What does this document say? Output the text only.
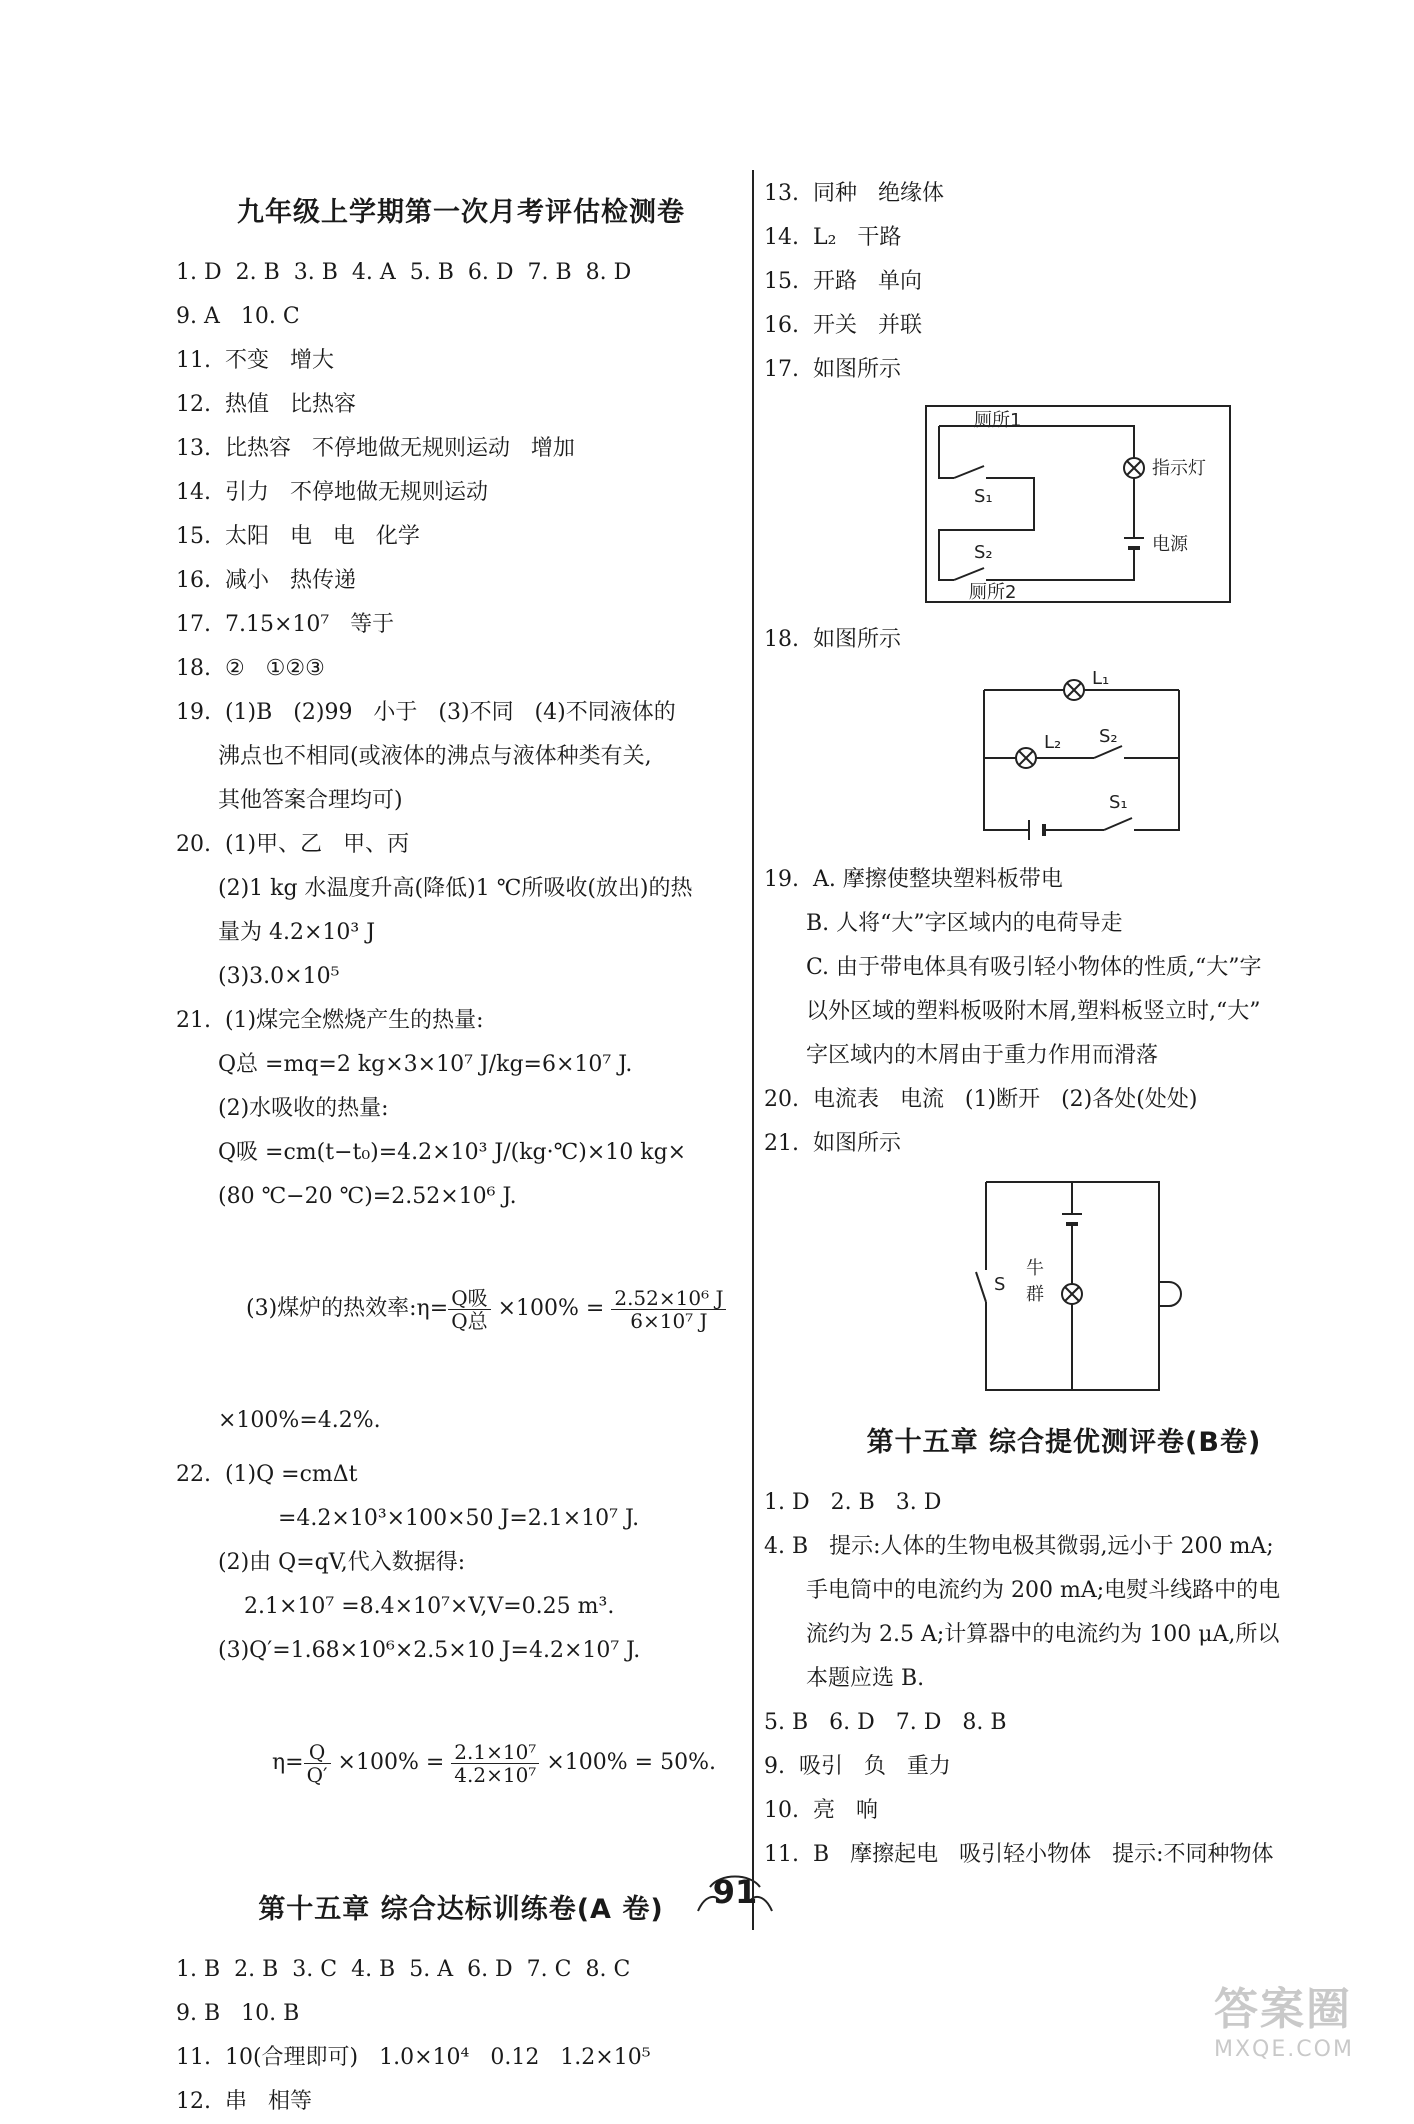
九年级上学期第一次月考评估检测卷
1. D  2. B  3. B  4. A  5. B  6. D  7. B  8. D
9. A   10. C
11.  不变   增大
12.  热值   比热容
13.  比热容   不停地做无规则运动   增加
14.  引力   不停地做无规则运动
15.  太阳   电   电   化学
16.  减小   热传递
17.  7.15×10⁷   等于
18.  ②   ①②③
19.  (1)B   (2)99   小于   (3)不同   (4)不同液体的
沸点也不相同(或液体的沸点与液体种类有关,
其他答案合理均可)
20.  (1)甲、乙   甲、丙
(2)1 kg 水温度升高(降低)1 ℃所吸收(放出)的热
量为 4.2×10³ J
(3)3.0×10⁵
21.  (1)煤完全燃烧产生的热量:
Q总 =mq=2 kg×3×10⁷ J/kg=6×10⁷ J.
(2)水吸收的热量:
Q吸 =cm(t−t₀)=4.2×10³ J/(kg·℃)×10 kg×
(80 ℃−20 ℃)=2.52×10⁶ J.

(3)煤炉的热效率:η= $\frac{\text{Q吸}}{\text{Q总}} \times 100\% = \frac{\text{2.52×10⁶ J}}{\text{6×10⁷ J}}$

×100%=4.2%.
22.  (1)Q =cmΔt
=4.2×10³×100×50 J=2.1×10⁷ J.
(2)由 Q=qV,代入数据得:
2.1×10⁷ =8.4×10⁷×V,V=0.25 m³.
(3)Q′=1.68×10⁶×2.5×10 J=4.2×10⁷ J.

$\eta= \frac{Q}{Q'} \times 100\% = \frac{\text{2.1×10⁷}}{\text{4.2×10⁷}} \times 100\% = 50\%$.

第十五章 综合达标训练卷(A 卷)
1. B  2. B  3. C  4. B  5. A  6. D  7. C  8. C
9. B   10. B
11.  10(合理即可)   1.0×10⁴   0.12   1.2×10⁵
12.  串   相等
13.  同种   绝缘体
14.  L₂   干路
15.  开路   单向
16.  开关   并联
17.  如图所示
厕所1
S₁
S₂
厕所2
指示灯
电源
18.  如图所示
L₁
L₂ S₂
S₁
19.  A. 摩擦使整块塑料板带电
B. 人将“大”字区域内的电荷导走
C. 由于带电体具有吸引轻小物体的性质,“大”字
以外区域的塑料板吸附木屑,塑料板竖立时,“大”
字区域内的木屑由于重力作用而滑落
20.  电流表   电流   (1)断开   (2)各处(处处)
21.  如图所示
S
牛
群
第十五章 综合提优测评卷(B卷)
1. D   2. B   3. D
4. B   提示:人体的生物电极其微弱,远小于 200 mA;
手电筒中的电流约为 200 mA;电熨斗线路中的电
流约为 2.5 A;计算器中的电流约为 100 μA,所以
本题应选 B.
5. B   6. D   7. D   8. B
9.  吸引   负   重力
10.  亮   响
11.  B   摩擦起电   吸引轻小物体   提示:不同种物体
91
答案圈
MXQE.COM
